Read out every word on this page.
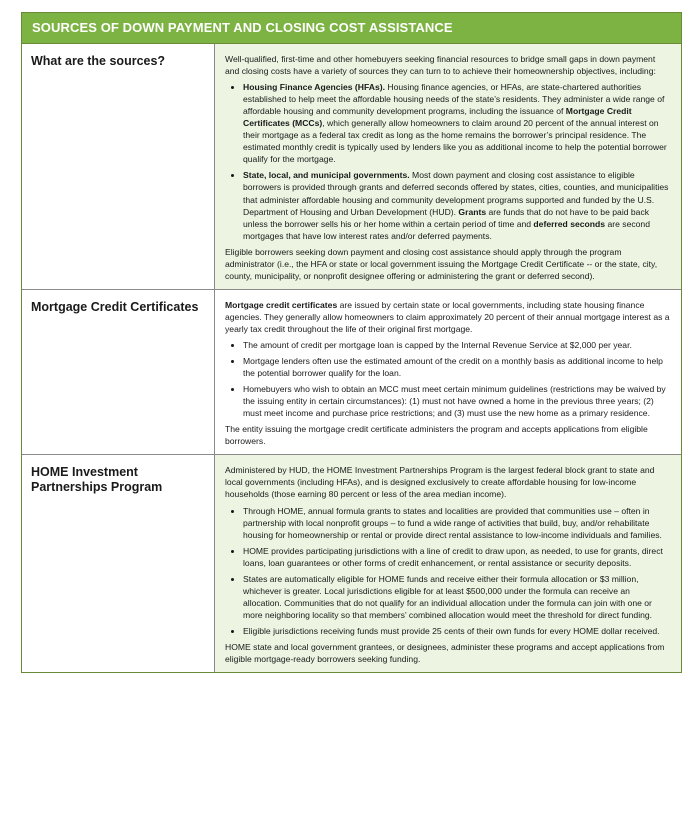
SOURCES OF DOWN PAYMENT AND CLOSING COST ASSISTANCE
What are the sources?	Well-qualified, first-time and other homebuyers seeking financial resources to bridge small gaps in down payment and closing costs have a variety of sources they can turn to to achieve their homeownership objectives, including:

• Housing Finance Agencies (HFAs). Housing finance agencies, or HFAs, are state-chartered authorities established to help meet the affordable housing needs of the state’s residents. They administer a wide range of affordable housing and community development programs, including the issuance of Mortgage Credit Certificates (MCCs), which generally allow homeowners to claim around 20 percent of the annual interest on their mortgage as a federal tax credit as long as the home remains the borrower’s principal residence. The estimated monthly credit is typically used by lenders like you as additional income to help the potential borrower qualify for the mortgage.
• State, local, and municipal governments. Most down payment and closing cost assistance to eligible borrowers is provided through grants and deferred seconds offered by states, cities, counties, and municipalities that administer affordable housing and community development programs supported and funded by the U.S. Department of Housing and Urban Development (HUD). Grants are funds that do not have to be paid back unless the borrower sells his or her home within a certain period of time and deferred seconds are second mortgages that have low interest rates and/or deferred payments.

Eligible borrowers seeking down payment and closing cost assistance should apply through the program administrator (i.e., the HFA or state or local government issuing the Mortgage Credit Certificate -- or the state, city, county, municipality, or nonprofit designee offering or administering the grant or deferred second).

Mortgage Credit Certificates	Mortgage credit certificates are issued by certain state or local governments, including state housing finance agencies. They generally allow homeowners to claim approximately 20 percent of their annual mortgage interest as a yearly tax credit throughout the life of their original first mortgage.

• The amount of credit per mortgage loan is capped by the Internal Revenue Service at $2,000 per year.
• Mortgage lenders often use the estimated amount of the credit on a monthly basis as additional income to help the potential borrower qualify for the loan.
• Homebuyers who wish to obtain an MCC must meet certain minimum guidelines (restrictions may be waived by the issuing entity in certain circumstances): (1) must not have owned a home in the previous three years; (2) must meet income and purchase price restrictions; and (3) must use the new home as a primary residence.

The entity issuing the mortgage credit certificate administers the program and accepts applications from eligible borrowers.

HOME Investment Partnerships Program

Administered by HUD, the HOME Investment Partnerships Program is the largest federal block grant to state and local governments (including HFAs), and is designed exclusively to create affordable housing for low-income households (those earning 80 percent or less of the area median income).

• Through HOME, annual formula grants to states and localities are provided that communities use – often in partnership with local nonprofit groups – to fund a wide range of activities that build, buy, and/or rehabilitate housing for homeownership or rental or provide direct rental assistance to low-income individuals and families.
• HOME provides participating jurisdictions with a line of credit to draw upon, as needed, to use for grants, direct loans, loan guarantees or other forms of credit enhancement, or rental assistance or security deposits.
• States are automatically eligible for HOME funds and receive either their formula allocation or $3 million, whichever is greater. Local jurisdictions eligible for at least $500,000 under the formula can receive an allocation. Communities that do not qualify for an individual allocation under the formula can join with one or more neighboring locality so that members’ combined allocation would meet the threshold for direct funding.
• Eligible jurisdictions receiving funds must provide 25 cents of their own funds for every HOME dollar received.

HOME state and local government grantees, or designees, administer these programs and accept applications from eligible mortgage-ready borrowers seeking funding.
